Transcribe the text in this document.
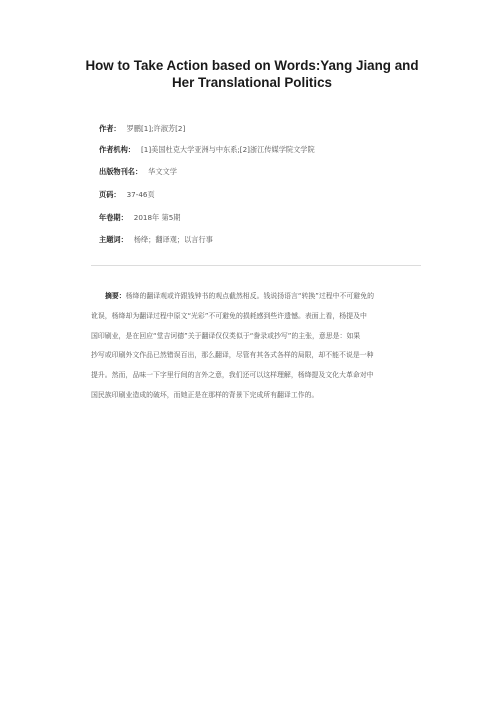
How to Take Action based on Words:Yang Jiang and
Her Translational Politics
作者： 罗鹏[1];许淑芳[2]
作者机构： [1]美国杜克大学亚洲与中东系;[2]浙江传媒学院文学院
出版物刊名： 华文文学
页码： 37-46页
年卷期： 2018年 第5期
主题词： 杨绛；翻译观；以言行事
摘要：杨绛的翻译观或许跟钱钟书的观点截然相反。钱说扬语言“转换”过程中不可避免的
讹误，杨绛却为翻译过程中原文“光彩”不可避免的损耗感到些许遗憾。表面上看，杨提及中
国印刷业，是在回应“堂吉诃德”关于翻译仅仅类似于“誊录或抄写”的主张，意思是：如果
抄写或印刷外文作品已然错误百出，那么翻译，尽管有其各式各样的局限，却不能不说是一种
提升。然而，品味一下字里行间的言外之意，我们还可以这样理解，杨绛提及文化大革命对中
国民族印刷业造成的破坏，而她正是在那样的背景下完成所有翻译工作的。
